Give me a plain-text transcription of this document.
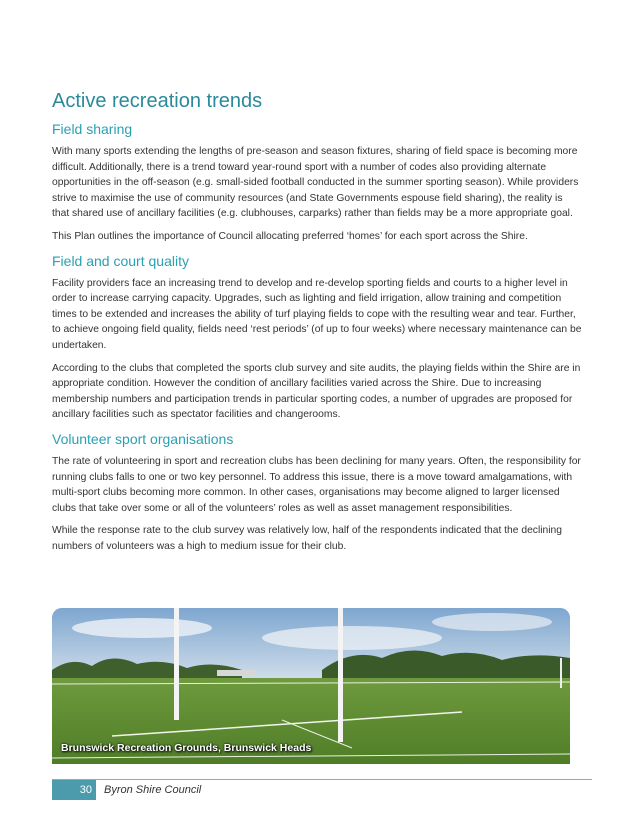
Active recreation trends
Field sharing

With many sports extending the lengths of pre-season and season fixtures, sharing of field space is becoming more difficult. Additionally, there is a trend toward year-round sport with a number of codes also providing alternate opportunities in the off-season (e.g. small-sided football conducted in the summer sporting season). While providers strive to maximise the use of community resources (and State Governments espouse field sharing), the reality is that shared use of ancillary facilities (e.g. clubhouses, carparks) rather than fields may be a more appropriate goal.

This Plan outlines the importance of Council allocating preferred ‘homes’ for each sport across the Shire.

Field and court quality

Facility providers face an increasing trend to develop and re-develop sporting fields and courts to a higher level in order to increase carrying capacity. Upgrades, such as lighting and field irrigation, allow training and competition times to be extended and increases the ability of turf playing fields to cope with the resulting wear and tear. Further, to achieve ongoing field quality, fields need ‘rest periods’ (of up to four weeks) where necessary maintenance can be undertaken.

According to the clubs that completed the sports club survey and site audits, the playing fields within the Shire are in appropriate condition. However the condition of ancillary facilities varied across the Shire. Due to increasing membership numbers and participation trends in particular sporting codes, a number of upgrades are proposed for ancillary facilities such as spectator facilities and changerooms.

Volunteer sport organisations

The rate of volunteering in sport and recreation clubs has been declining for many years. Often, the responsibility for running clubs falls to one or two key personnel. To address this issue, there is a move toward amalgamations, with multi-sport clubs becoming more common. In other cases, organisations may become aligned to larger licensed clubs that take over some or all of the volunteers’ roles as well as asset management responsibilities.

While the response rate to the club survey was relatively low, half of the respondents indicated that the declining numbers of volunteers was a high to medium issue for their club.

Brunswick Recreation Grounds, Brunswick Heads
30	Byron Shire Council
